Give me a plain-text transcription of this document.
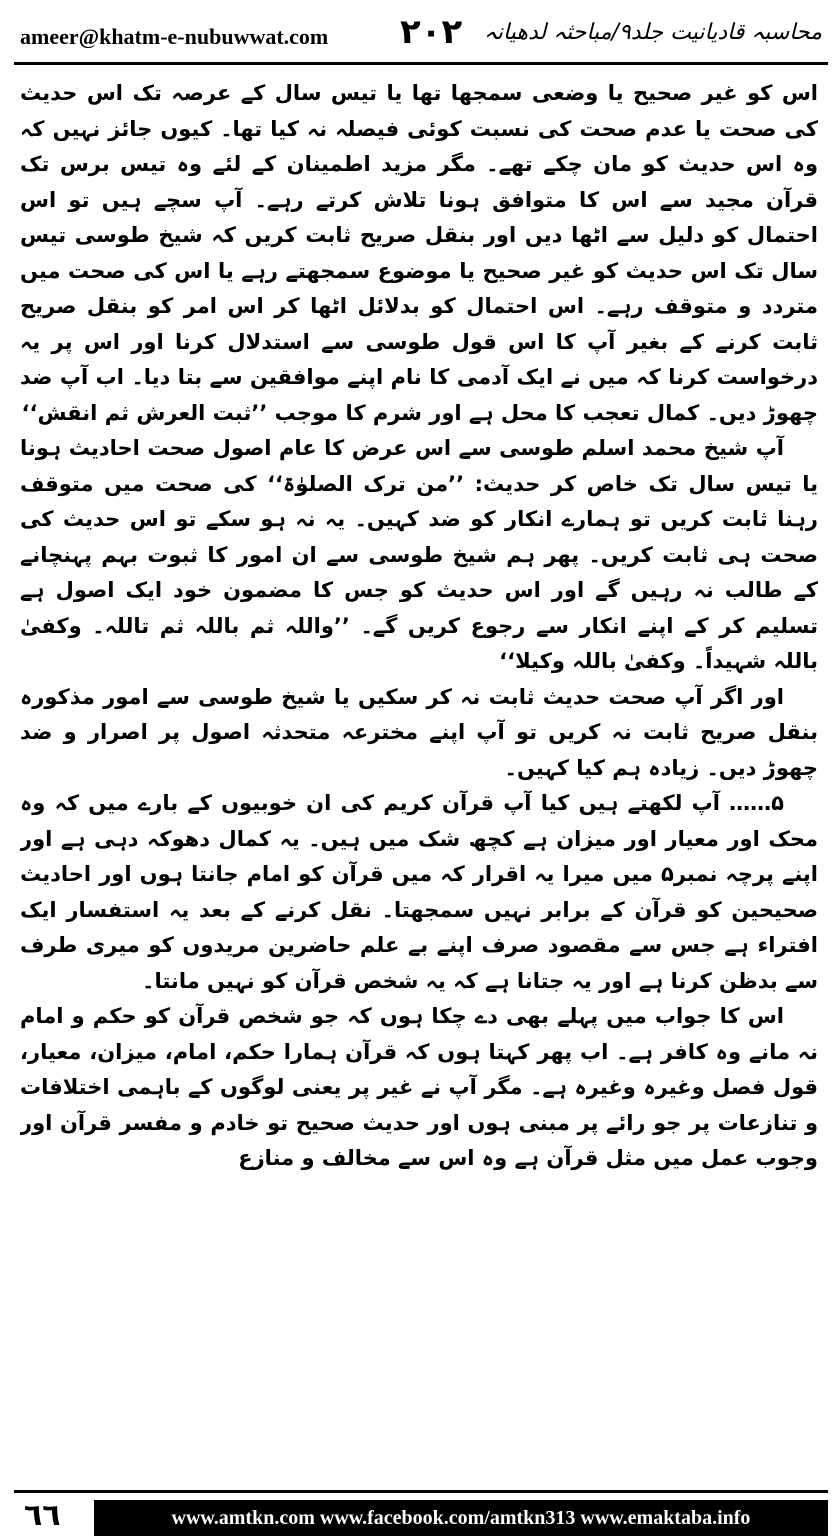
ameer@khatm-e-nubuwwat.com ۲۰۲ محاسبہ قادیانیت جلد۹/مباحثہ لدھیانہ

اس کو غیر صحیح یا وضعی سمجھا تھا یا تیس سال کے عرصہ تک اس حدیث کی صحت یا عدم صحت کی نسبت کوئی فیصلہ نہ کیا تھا۔ کیوں جائز نہیں کہ وہ اس حدیث کو مان چکے تھے۔ مگر مزید اطمینان کے لئے وہ تیس برس تک قرآن مجید سے اس کا متوافق ہونا تلاش کرتے رہے۔ آپ سچے ہیں تو اس احتمال کو دلیل سے اٹھا دیں اور بنقل صریح ثابت کریں کہ شیخ طوسی تیس سال تک اس حدیث کو غیر صحیح یا موضوع سمجھتے رہے یا اس کی صحت میں متردد و متوقف رہے۔ اس احتمال کو بدلائل اٹھا کر اس امر کو بنقل صریح ثابت کرنے کے بغیر آپ کا اس قول طوسی سے استدلال کرنا اور اس پر یہ درخواست کرنا کہ میں نے ایک آدمی کا نام اپنے موافقین سے بتا دیا۔ اب آپ ضد چھوڑ دیں۔ کمال تعجب کا محل ہے اور شرم کا موجب ’’ثبت العرش ثم انقش‘‘

آپ شیخ محمد اسلم طوسی سے اس عرض کا عام اصول صحت احادیث ہونا یا تیس سال تک خاص کر حدیث: ’’من ترک الصلوٰۃ‘‘ کی صحت میں متوقف رہنا ثابت کریں تو ہمارے انکار کو ضد کہیں۔ یہ نہ ہو سکے تو اس حدیث کی صحت ہی ثابت کریں۔ پھر ہم شیخ طوسی سے ان امور کا ثبوت بہم پہنچانے کے طالب نہ رہیں گے اور اس حدیث کو جس کا مضمون خود ایک اصول ہے تسلیم کر کے اپنے انکار سے رجوع کریں گے۔ ’’واللہ ثم باللہ ثم تاللہ۔ وکفیٰ باللہ شہیداً۔ وکفیٰ باللہ وکیلا‘‘

اور اگر آپ صحت حدیث ثابت نہ کر سکیں یا شیخ طوسی سے امور مذکورہ بنقل صریح ثابت نہ کریں تو آپ اپنے مخترعہ متحدثہ اصول پر اصرار و ضد چھوڑ دیں۔ زیادہ ہم کیا کہیں۔

۵…… آپ لکھتے ہیں کیا آپ قرآن کریم کی ان خوبیوں کے بارے میں کہ وہ محک اور معیار اور میزان ہے کچھ شک میں ہیں۔ یہ کمال دھوکہ دہی ہے اور اپنے پرچہ نمبر۵ میں میرا یہ اقرار کہ میں قرآن کو امام جانتا ہوں اور احادیث صحیحین کو قرآن کے برابر نہیں سمجھتا۔ نقل کرنے کے بعد یہ استفسار ایک افتراء ہے جس سے مقصود صرف اپنے بے علم حاضرین مریدوں کو میری طرف سے بدظن کرنا ہے اور یہ جتانا ہے کہ یہ شخص قرآن کو نہیں مانتا۔

اس کا جواب میں پہلے بھی دے چکا ہوں کہ جو شخص قرآن کو حکم و امام نہ مانے وہ کافر ہے۔ اب پھر کہتا ہوں کہ قرآن ہمارا حکم، امام، میزان، معیار، قول فصل وغیرہ وغیرہ ہے۔ مگر آپ نے غیر پر یعنی لوگوں کے باہمی اختلافات و تنازعات پر جو رائے پر مبنی ہوں اور حدیث صحیح تو خادم و مفسر قرآن اور وجوب عمل میں مثل قرآن ہے وہ اس سے مخالف و منازع

٦٦	www.amtkn.com www.facebook.com/amtkn313 www.emaktaba.info
